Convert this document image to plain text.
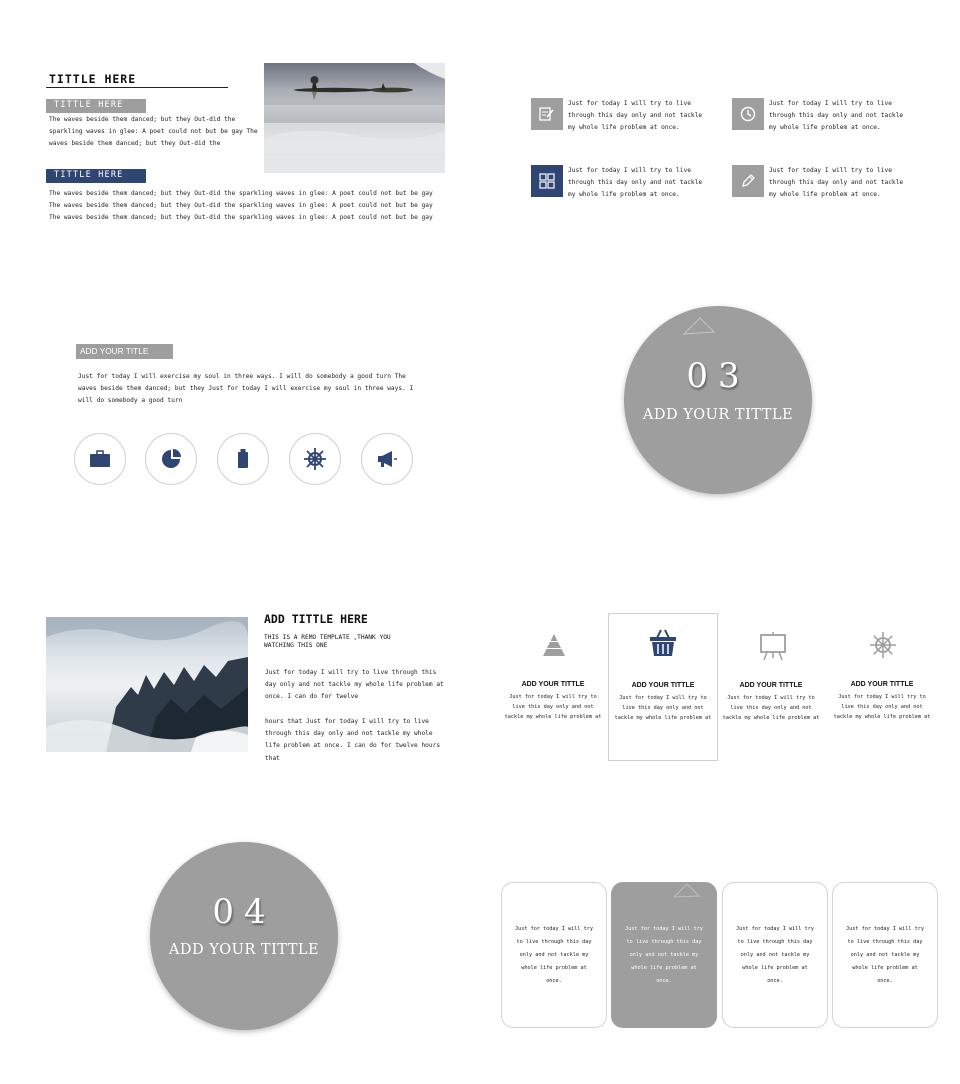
TITTLE HERE
TITTLE HERE
The waves beside them danced; but they Out-did the sparkling waves in glee: A poet could not but be gay The waves beside them danced; but they Out-did the
TITTLE HERE
The waves beside them danced; but they Out-did the sparkling waves in glee: A poet could not but be gay The waves beside them danced; but they Out-did the sparkling waves in glee: A poet could not but be gay The waves beside them danced; but they Out-did the sparkling waves in glee: A poet could not but be gay
Just for today I will try to live through this day only and not tackle my whole life problem at once.
Just for today I will try to live through this day only and not tackle my whole life problem at once.
Just for today I will try to live through this day only and not tackle my whole life problem at once.
Just for today I will try to live through this day only and not tackle my whole life problem at once.
ADD YOUR TITLE
Just for today I will exercise my soul in three ways. I will do somebody a good turn The waves beside them danced; but they Just for today I will exercise my soul in three ways. I will do somebody a good turn
03
ADD YOUR TITTLE
ADD TITTLE HERE
THIS IS A REMO TEMPLATE ,THANK YOU WATCHING THIS ONE
Just for today I will try to live through this day only and not tackle my whole life problem at once. I can do for twelve
hours that Just for today I will try to live through this day only and not tackle my whole life problem at once. I can do for twelve hours that
ADD YOUR TITTLE
Just for today I will try to live this day only and not tackle my whole life problem at
ADD YOUR TITTLE
Just for today I will try to live this day only and not tackle my whole life problem at
ADD YOUR TITTLE
Just for today I will try to live this day only and not tackle my whole life problem at
ADD YOUR TITTLE
Just for today I will try to live this day only and not tackle my whole life problem at
04
ADD YOUR TITTLE
Just for today I will try to live through this day only and not tackle my whole life problem at once.
Just for today I will try to live through this day only and not tackle my whole life problem at once.
Just for today I will try to live through this day only and not tackle my whole life problem at once.
Just for today I will try to live through this day only and not tackle my whole life problem at once.
